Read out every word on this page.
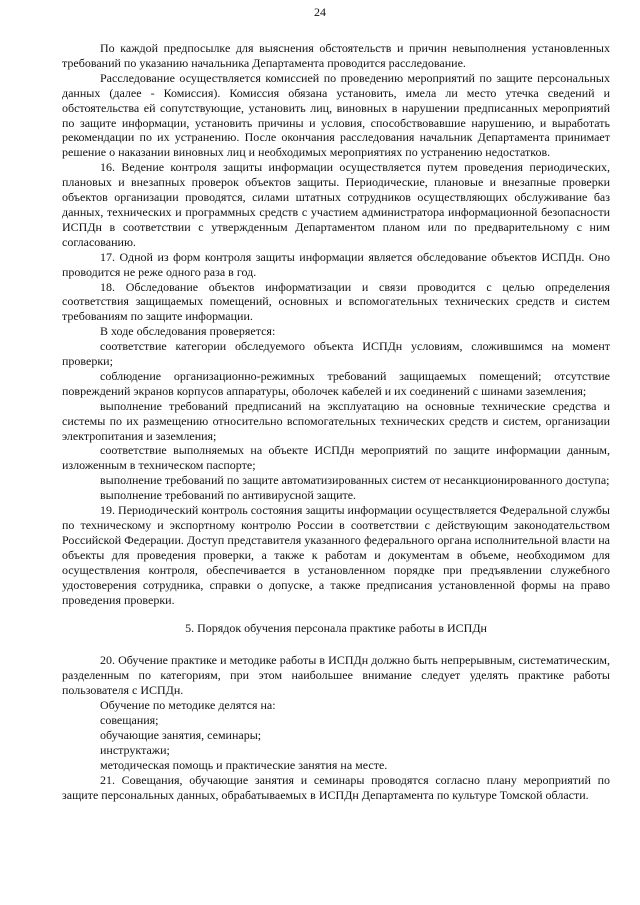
24

По каждой предпосылке для выяснения обстоятельств и причин невыполнения установленных требований по указанию начальника Департамента проводится расследование.

Расследование осуществляется комиссией по проведению мероприятий по защите персональных данных (далее - Комиссия). Комиссия обязана установить, имела ли место утечка сведений и обстоятельства ей сопутствующие, установить лиц, виновных в нарушении предписанных мероприятий по защите информации, установить причины и условия, способствовавшие нарушению, и выработать рекомендации по их устранению. После окончания расследования начальник Департамента принимает решение о наказании виновных лиц и необходимых мероприятиях по устранению недостатков.

16. Ведение контроля защиты информации осуществляется путем проведения периодических, плановых и внезапных проверок объектов защиты. Периодические, плановые и внезапные проверки объектов организации проводятся, силами штатных сотрудников осуществляющих обслуживание баз данных, технических и программных средств с участием администратора информационной безопасности ИСПДн в соответствии с утвержденным Департаментом планом или по предварительному с ним согласованию.

17. Одной из форм контроля защиты информации является обследование объектов ИСПДн. Оно проводится не реже одного раза в год.

18. Обследование объектов информатизации и связи проводится с целью определения соответствия защищаемых помещений, основных и вспомогательных технических средств и систем требованиям по защите информации.

В ходе обследования проверяется:

соответствие категории обследуемого объекта ИСПДн условиям, сложившимся на момент проверки;

соблюдение организационно-режимных требований защищаемых помещений; отсутствие повреждений экранов корпусов аппаратуры, оболочек кабелей и их соединений с шинами заземления;

выполнение требований предписаний на эксплуатацию на основные технические средства и системы по их размещению относительно вспомогательных технических средств и систем, организации электропитания и заземления;

соответствие выполняемых на объекте ИСПДн мероприятий по защите информации данным, изложенным в техническом паспорте;

выполнение требований по защите автоматизированных систем от несанкционированного доступа;

выполнение требований по антивирусной защите.

19. Периодический контроль состояния защиты информации осуществляется Федеральной службы по техническому и экспортному контролю России в соответствии с действующим законодательством Российской Федерации. Доступ представителя указанного федерального органа исполнительной власти на объекты для проведения проверки, а также к работам и документам в объеме, необходимом для осуществления контроля, обеспечивается в установленном порядке при предъявлении служебного удостоверения сотрудника, справки о допуске, а также предписания установленной формы на право проведения проверки.

5. Порядок обучения персонала практике работы в ИСПДн

20. Обучение практике и методике работы в ИСПДн должно быть непрерывным, систематическим, разделенным по категориям, при этом наибольшее внимание следует уделять практике работы пользователя с ИСПДн.

Обучение по методике делятся на:

совещания;

обучающие занятия, семинары;

инструктажи;

методическая помощь и практические занятия на месте.

21. Совещания, обучающие занятия и семинары проводятся согласно плану мероприятий по защите персональных данных, обрабатываемых в ИСПДн Департамента по культуре Томской области.
